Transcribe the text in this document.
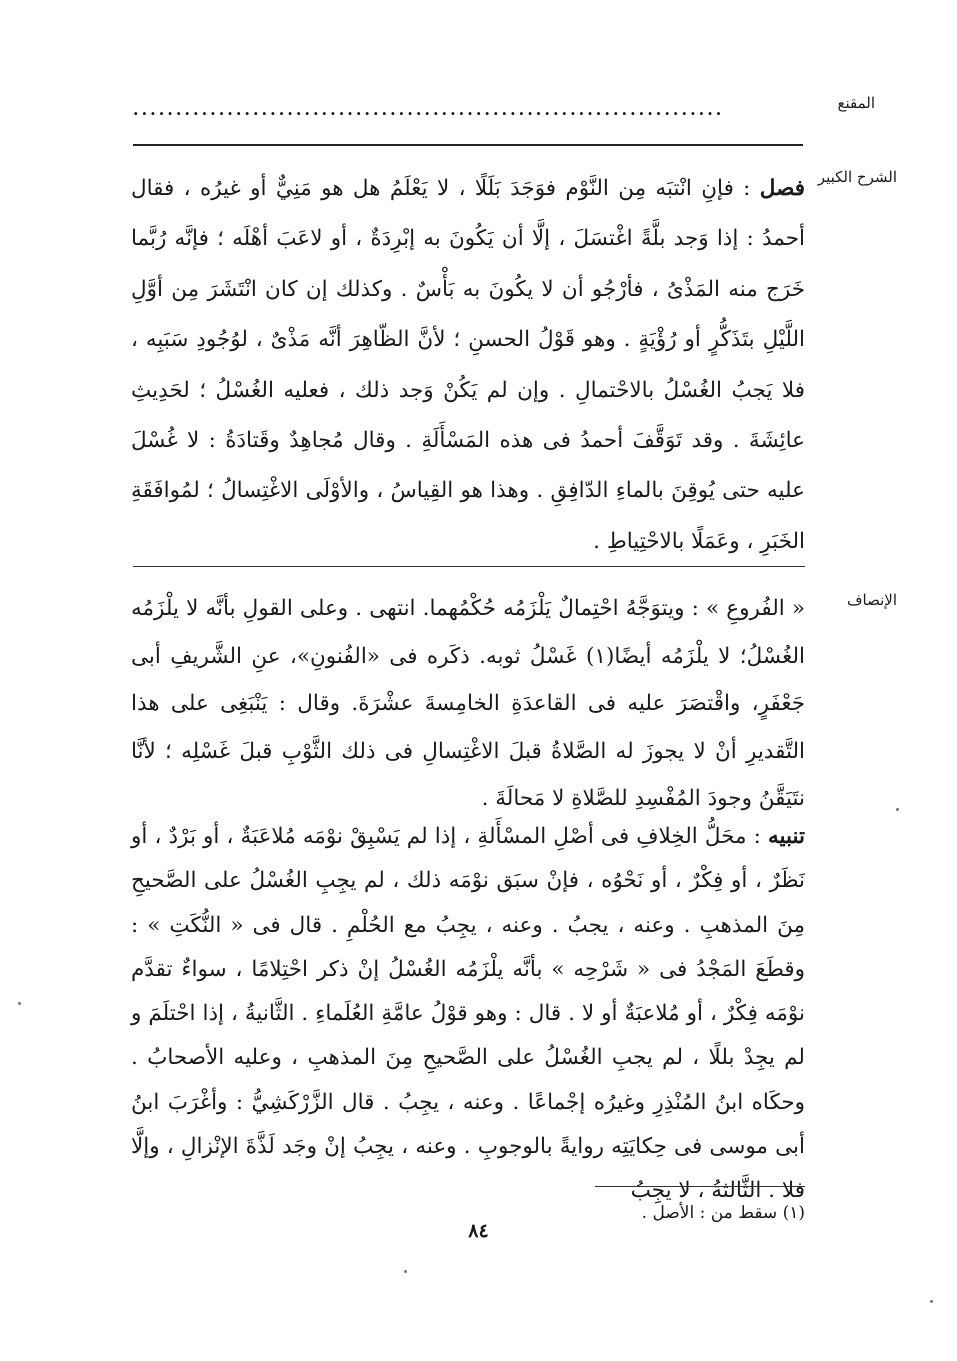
المقنع
.....................................................................
الشرح الكبير

فصل : فإنِ انْتبَه مِن النَّوْم فوَجَدَ بَلَلًا ، لا يَعْلَمُ هل هو مَنِيٌّ أو غيرُه ، فقال أحمدُ : إذا وَجد بلَّةً اغْتسَلَ ، إلَّا أن يَكُونَ به إبْرِدَةٌ ، أو لاعَبَ أهْلَه ؛ فإنَّه رُبَّما خَرَج منه المَذْىُ ، فأرْجُو أن لا يكُونَ به بَأْسٌ . وكذلك إن كان انْتَشَرَ مِن أوَّلِ اللَّيْلِ بتَذَكُّرٍ أو رُؤْيَةٍ . وهو قَوْلُ الحسنِ ؛ لأنَّ الظّاهِرَ أنَّه مَذْىٌ ، لوُجُودِ سَبَبِه ، فلا يَجبُ الغُسْلُ بالاحْتمالِ . وإن لم يَكُنْ وَجد ذلك ، فعليه الغُسْلُ ؛ لحَدِيثِ عائِشَةَ . وقد تَوَقَّفَ أحمدُ فى هذه المَسْأَلَةِ . وقال مُجاهِدٌ وقَتادَةُ : لا غُسْلَ عليه حتى يُوقِنَ بالماءِ الدّافِقِ . وهذا هو القِياسُ ، والأوْلَى الاغْتِسالُ ؛ لمُوافَقَةِ الخَبَرِ ، وعَمَلًا بالاحْتِياطِ .

الإنصاف

« الفُروعِ » : ويتوَجَّهُ احْتِمالٌ يَلْزَمُه حُكْمُهما. انتهى . وعلى القولِ بأنَّه لا يلْزَمُه الغُسْلُ؛ لا يلْزَمُه أيضًا(١) غَسْلُ ثوبه. ذكَره فى «الفُنونِ»، عنِ الشَّريفِ أبى جَعْفَرٍ، واقْتصَرَ عليه فى القاعدَةِ الخامِسةَ عشْرَةَ. وقال : يَنْبَغِى على هذا التَّقديرِ أنْ لا يجوزَ له الصَّلاةُ قبلَ الاغْتِسالِ فى ذلك الثَّوْبِ قبلَ غَسْلِه ؛ لأنَّا نتَيَقَّنُ وجودَ المُفْسِدِ للصَّلاةِ لا مَحالَةَ .

تنبيه : محَلُّ الخِلافِ فى أصْلِ المسْأَلةِ ، إذا لم يَسْبِقْ نوْمَه مُلاعَبَةٌ ، أو بَرْدٌ ، أو نَظَرٌ ، أو فِكْرٌ ، أو نَحْوُه ، فإنْ سبَق نوْمَه ذلك ، لم يجِبِ الغُسْلُ على الصَّحيحِ مِنَ المذهبِ . وعنه ، يجبُ . وعنه ، يجِبُ مع الحُلْمِ . قال فى « النُّكَتِ » : وقطَعَ المَجْدُ فى « شَرْحِه » بأنَّه يلْزَمُه الغُسْلُ إنْ ذكر احْتِلامًا ، سواءٌ تقدَّم نوْمَه فِكْرٌ ، أو مُلاعبَةٌ أو لا . قال : وهو قوْلُ عامَّةِ العُلَماءِ . الثَّانيةُ ، إذا احْتلَمَ و لم يجِدْ بللًا ، لم يجبِ الغُسْلُ على الصَّحيحِ مِنَ المذهبِ ، وعليه الأصحابُ . وحكَاه ابنُ المُنْذِرِ وغيرُه إجْماعًا . وعنه ، يجِبُ . قال الزَّرْكَشِيُّ : وأغْرَبَ ابنُ أبى موسى فى حِكايَتِه روايةً بالوجوبِ . وعنه ، يجِبُ إنْ وجَد لَذَّةَ الإنْزالِ ، وإلَّا فلا . الثَّالثةُ ، لا يجِبُ

(١) سقط من : الأصل .
٨٤
